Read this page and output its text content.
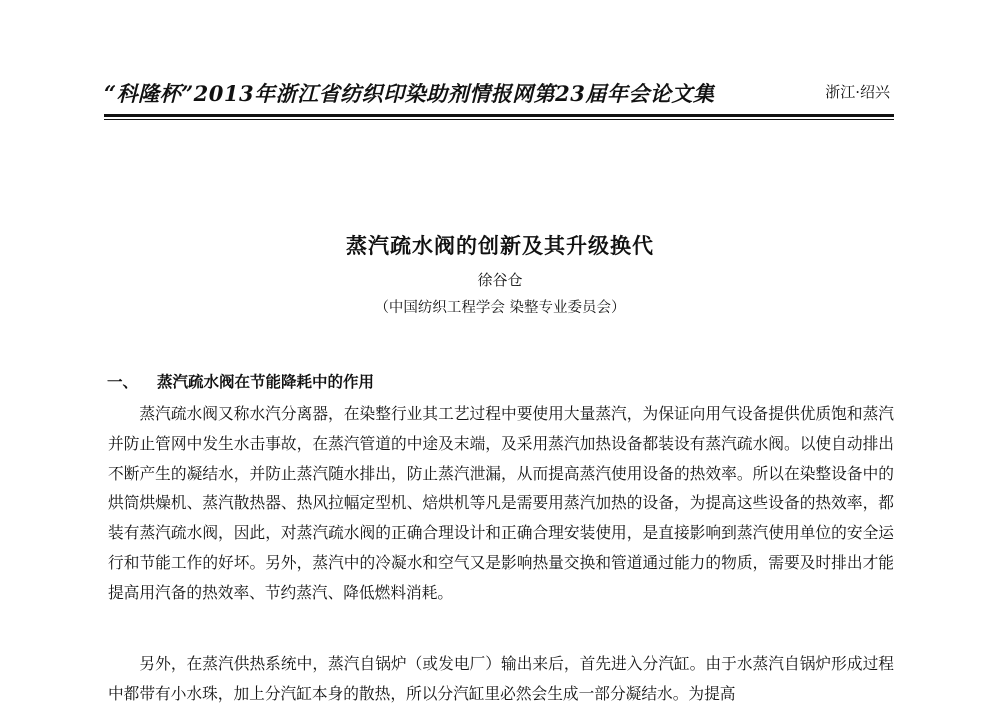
“科隆杯”2013年浙江省纺织印染助剂情报网第23届年会论文集	浙江·绍兴
蒸汽疏水阀的创新及其升级换代
徐谷仓
（中国纺织工程学会 染整专业委员会）
一、 蒸汽疏水阀在节能降耗中的作用

蒸汽疏水阀又称水汽分离器，在染整行业其工艺过程中要使用大量蒸汽，为保证向用气设备提供优质饱和蒸汽并防止管网中发生水击事故，在蒸汽管道的中途及末端，及采用蒸汽加热设备都装设有蒸汽疏水阀。以使自动排出不断产生的凝结水，并防止蒸汽随水排出，防止蒸汽泄漏，从而提高蒸汽使用设备的热效率。所以在染整设备中的烘筒烘燥机、蒸汽散热器、热风拉幅定型机、焙烘机等凡是需要用蒸汽加热的设备，为提高这些设备的热效率，都装有蒸汽疏水阀，因此，对蒸汽疏水阀的正确合理设计和正确合理安装使用，是直接影响到蒸汽使用单位的安全运行和节能工作的好坏。另外，蒸汽中的冷凝水和空气又是影响热量交换和管道通过能力的物质，需要及时排出才能提高用汽备的热效率、节约蒸汽、降低燃料消耗。

另外，在蒸汽供热系统中，蒸汽自锅炉（或发电厂）输出来后，首先进入分汽缸。由于水蒸汽自锅炉形成过程中都带有小水珠，加上分汽缸本身的散热，所以分汽缸里必然会生成一部分凝结水。为提高
